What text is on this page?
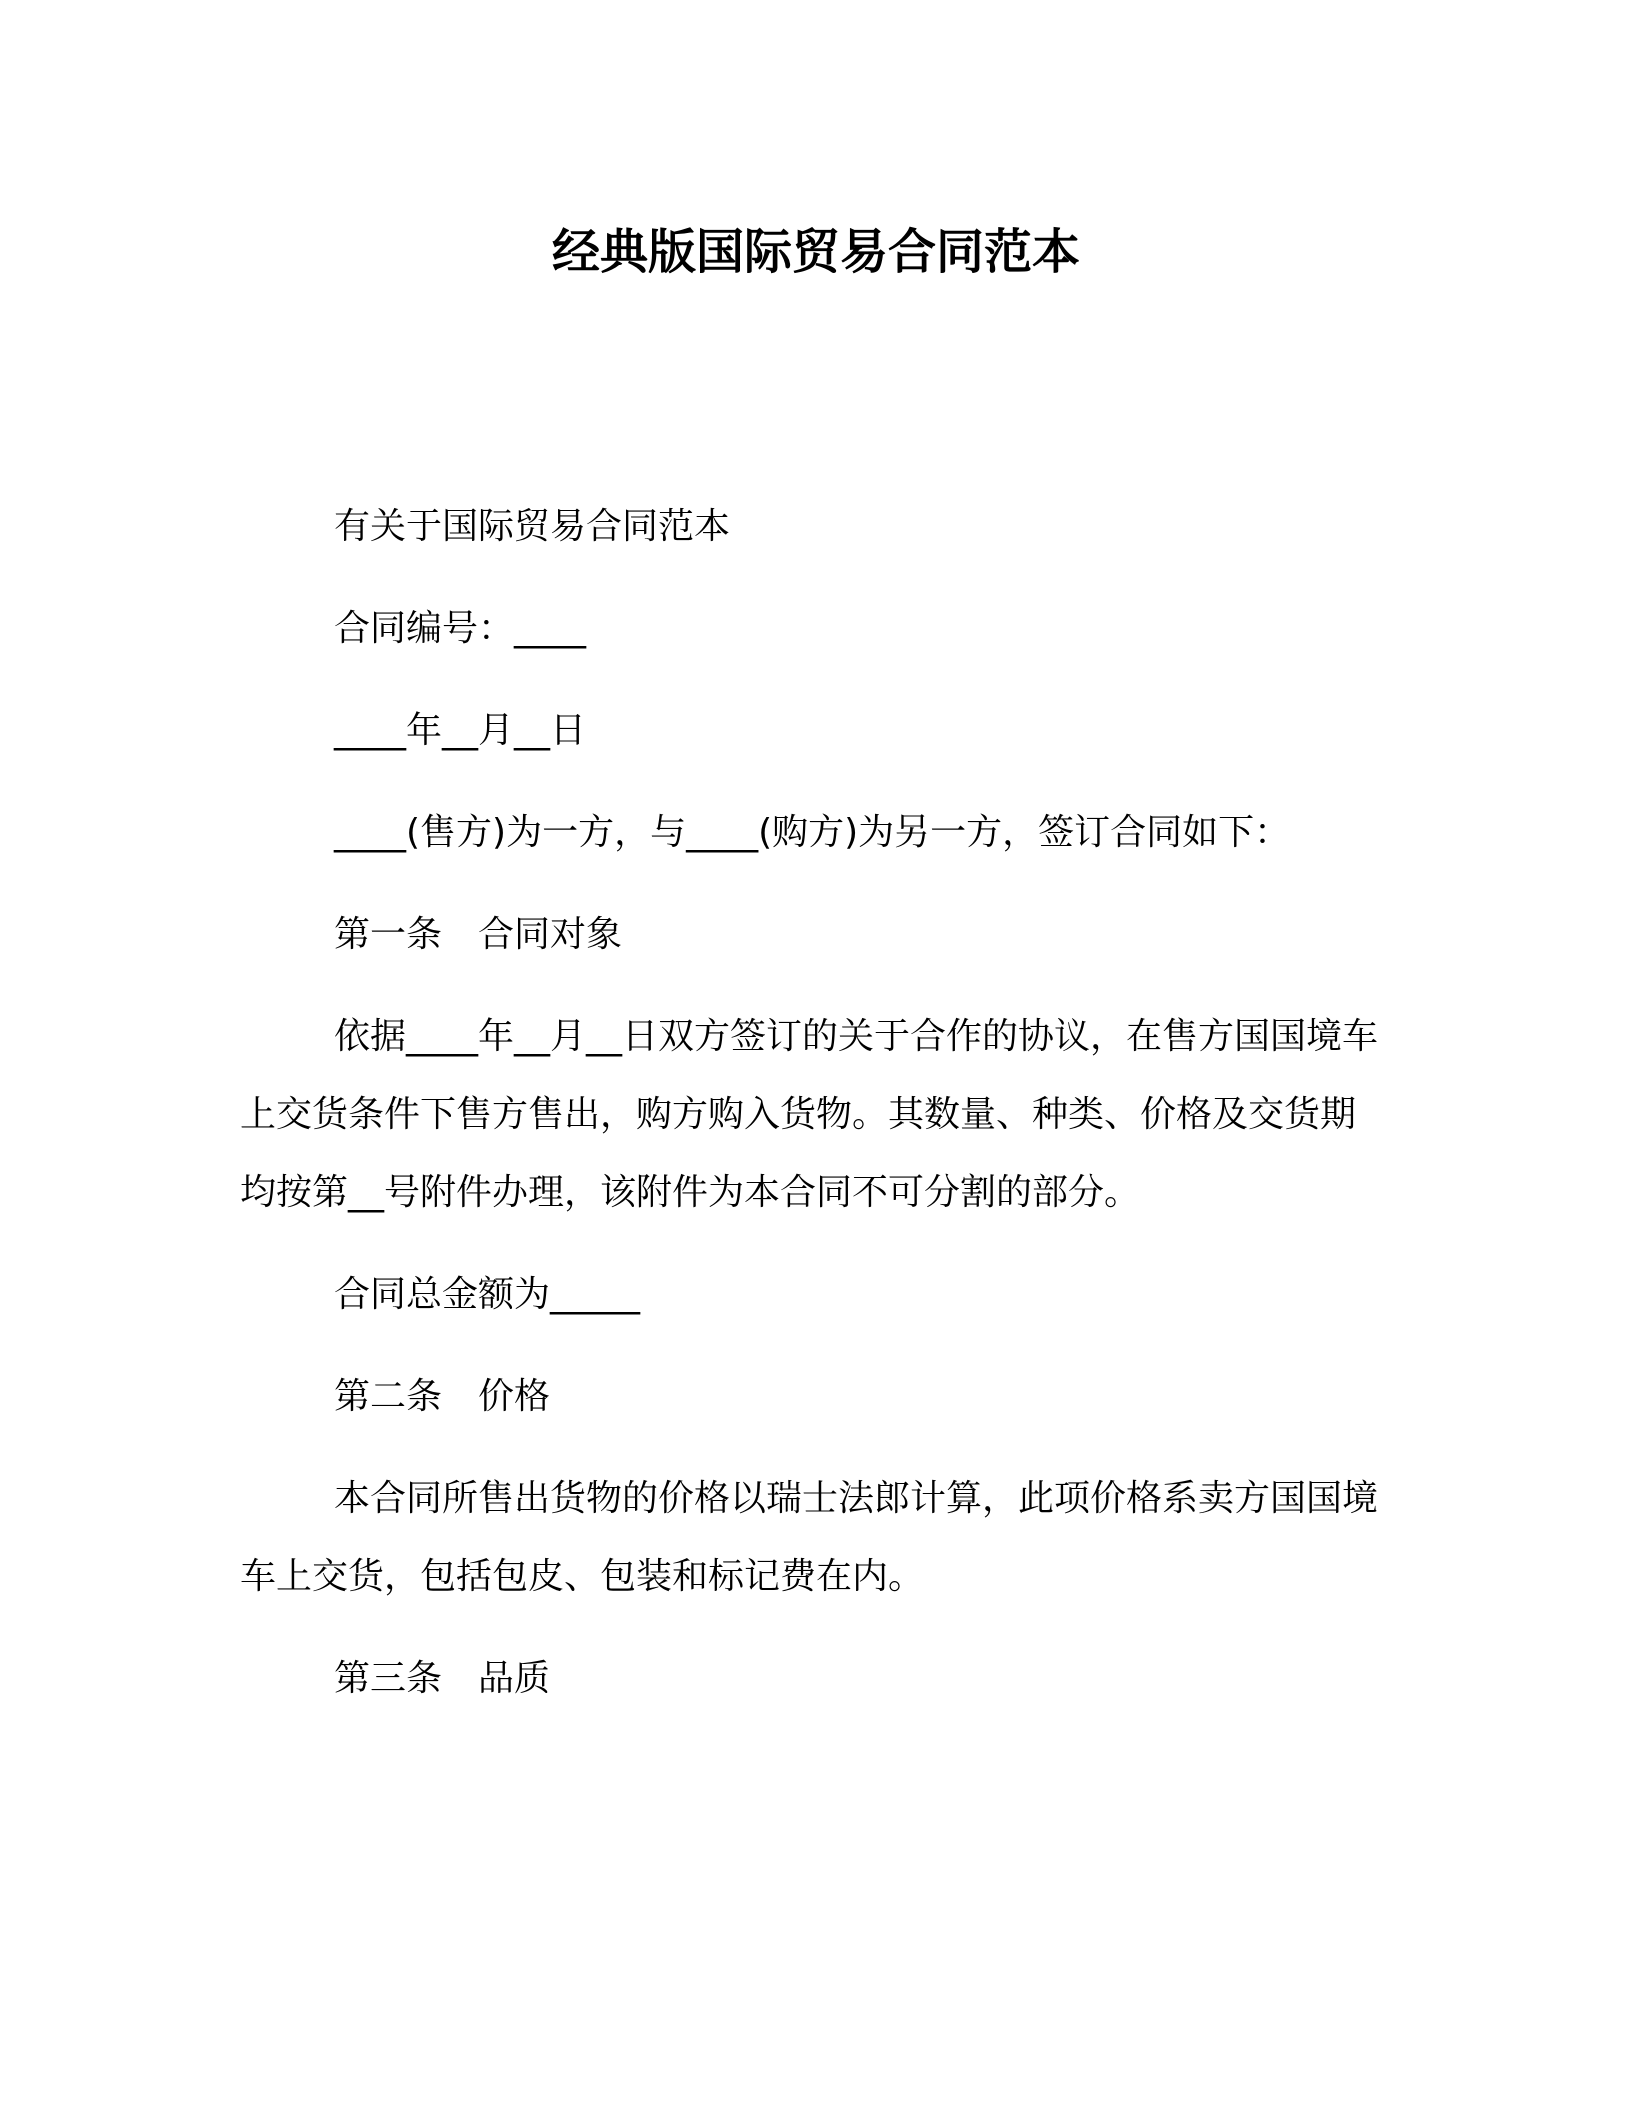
经典版国际贸易合同范本

有关于国际贸易合同范本

合同编号：____

____年__月__日

____(售方)为一方，与____(购方)为另一方，签订合同如下：

第一条　合同对象

依据____年__月__日双方签订的关于合作的协议，在售方国国境车上交货条件下售方售出，购方购入货物。其数量、种类、价格及交货期均按第__号附件办理，该附件为本合同不可分割的部分。

合同总金额为_____

第二条　价格

本合同所售出货物的价格以瑞士法郎计算，此项价格系卖方国国境车上交货，包括包皮、包装和标记费在内。

第三条　品质
